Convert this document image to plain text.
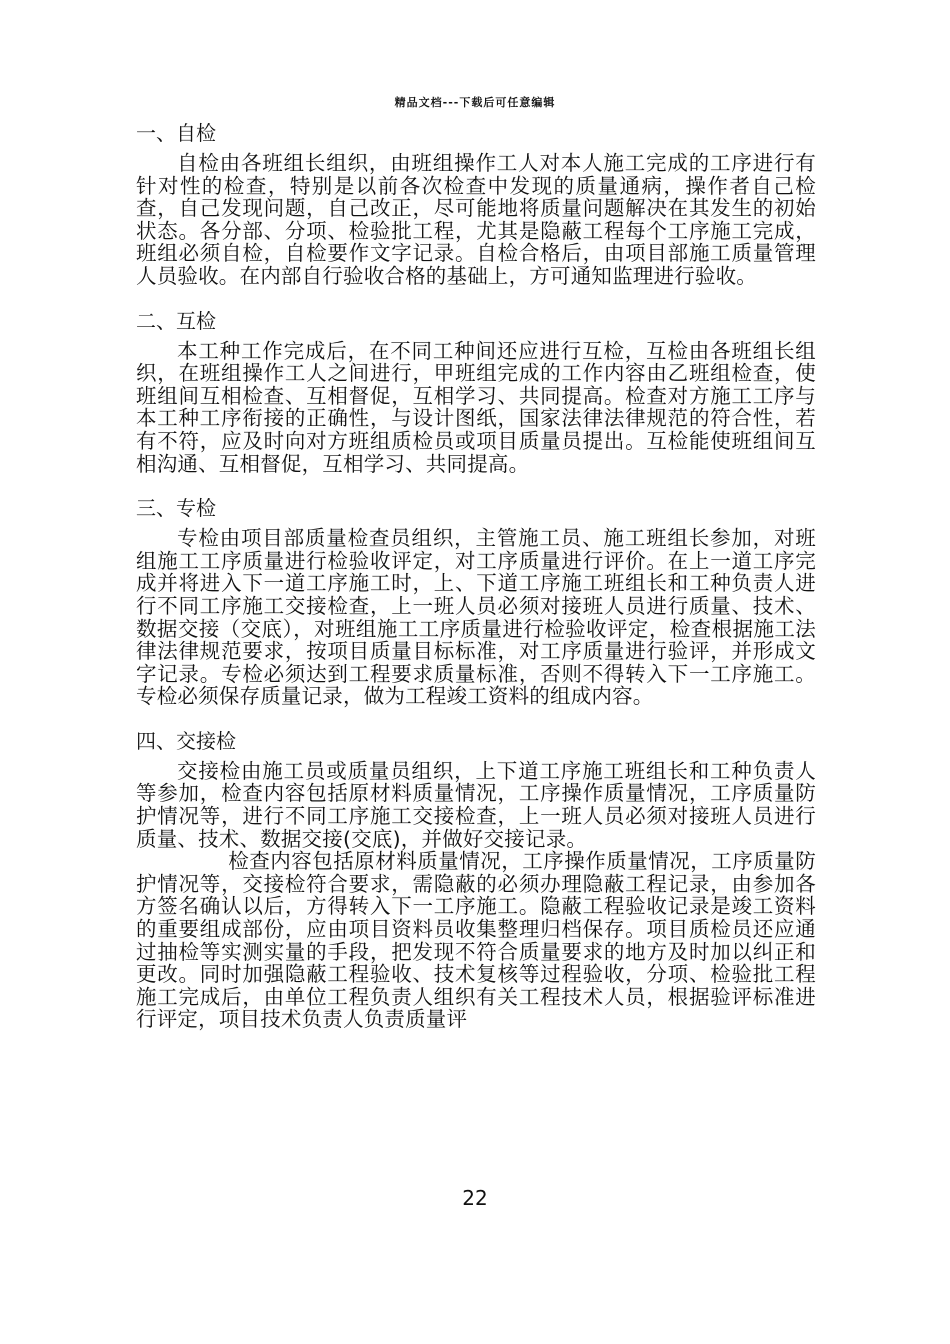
精品文档---下载后可任意编辑
一、自检

自检由各班组长组织，由班组操作工人对本人施工完成的工序进行有针对性的检查，特别是以前各次检查中发现的质量通病，操作者自己检查，自己发现问题，自己改正，尽可能地将质量问题解决在其发生的初始状态。各分部、分项、检验批工程，尤其是隐蔽工程每个工序施工完成，班组必须自检，自检要作文字记录。自检合格后，由项目部施工质量管理人员验收。在内部自行验收合格的基础上，方可通知监理进行验收。

二、互检

本工种工作完成后，在不同工种间还应进行互检，互检由各班组长组织，在班组操作工人之间进行，甲班组完成的工作内容由乙班组检查，使班组间互相检查、互相督促，互相学习、共同提高。检查对方施工工序与本工种工序衔接的正确性，与设计图纸，国家法律法律规范的符合性，若有不符，应及时向对方班组质检员或项目质量员提出。互检能使班组间互相沟通、互相督促，互相学习、共同提高。

三、专检

专检由项目部质量检查员组织，主管施工员、施工班组长参加，对班组施工工序质量进行检验收评定，对工序质量进行评价。在上一道工序完成并将进入下一道工序施工时，上、下道工序施工班组长和工种负责人进行不同工序施工交接检查，上一班人员必须对接班人员进行质量、技术、数据交接（交底），对班组施工工序质量进行检验收评定，检查根据施工法律法律规范要求，按项目质量目标标准，对工序质量进行验评，并形成文字记录。专检必须达到工程要求质量标准，否则不得转入下一工序施工。专检必须保存质量记录，做为工程竣工资料的组成内容。

四、交接检

交接检由施工员或质量员组织，上下道工序施工班组长和工种负责人等参加，检查内容包括原材料质量情况，工序操作质量情况，工序质量防护情况等，进行不同工序施工交接检查，上一班人员必须对接班人员进行质量、技术、数据交接(交底)，并做好交接记录。

检查内容包括原材料质量情况，工序操作质量情况，工序质量防护情况等，交接检符合要求，需隐蔽的必须办理隐蔽工程记录，由参加各方签名确认以后，方得转入下一工序施工。隐蔽工程验收记录是竣工资料的重要组成部份，应由项目资料员收集整理归档保存。项目质检员还应通过抽检等实测实量的手段，把发现不符合质量要求的地方及时加以纠正和更改。同时加强隐蔽工程验收、技术复核等过程验收，分项、检验批工程施工完成后，由单位工程负责人组织有关工程技术人员，根据验评标准进行评定，项目技术负责人负责质量评

22
